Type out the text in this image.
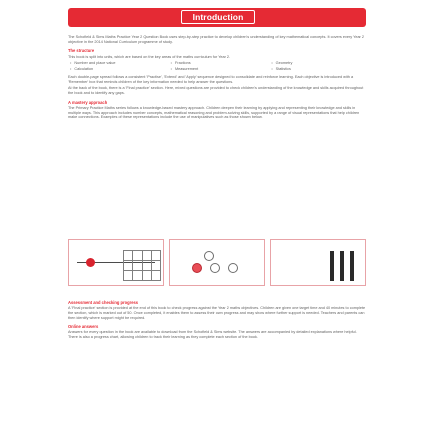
Introduction

The Schofield & Sims Maths Practice Year 2 Question Book uses step-by-step practice to develop children's understanding of key mathematical concepts. It covers every Year 2 objective in the 2014 National Curriculum programme of study.

The structure

This book is split into units, which are based on the key areas of the maths curriculum for Year 2.

• Number and place value	• Fractions	• Geometry
• Calculation	• Measurement	• Statistics

Each double-page spread follows a consistent 'Practise', 'Extend' and 'Apply' sequence designed to consolidate and reinforce learning. Each objective is introduced with a 'Remember' box that reminds children of the key information needed to help answer the questions.

At the back of the book, there is a 'Final practice' section. Here, mixed questions are provided to check children's understanding of the knowledge and skills acquired throughout the book and to identify any gaps.

A mastery approach

The Primary Practice Maths series follows a knowledge-based mastery approach. Children deepen their learning by applying and representing their knowledge and skills in multiple ways. This approach includes number concepts, mathematical reasoning and problem-solving skills, supported by a range of visual representations that help children make connections. Examples of these representations include the use of manipulatives such as those shown below.

Assessment and checking progress

A 'Final practice' section is provided at the end of this book to check progress against the Year 2 maths objectives. Children are given one target time and 40 minutes to complete the section, which is marked out of 50. Once completed, it enables them to assess their own progress and may show where further support is needed. Teachers and parents can then identify where support might be required.

Online answers

Answers for every question in the book are available to download from the Schofield & Sims website. The answers are accompanied by detailed explanations where helpful. There is also a progress chart, allowing children to track their learning as they complete each section of the book.
